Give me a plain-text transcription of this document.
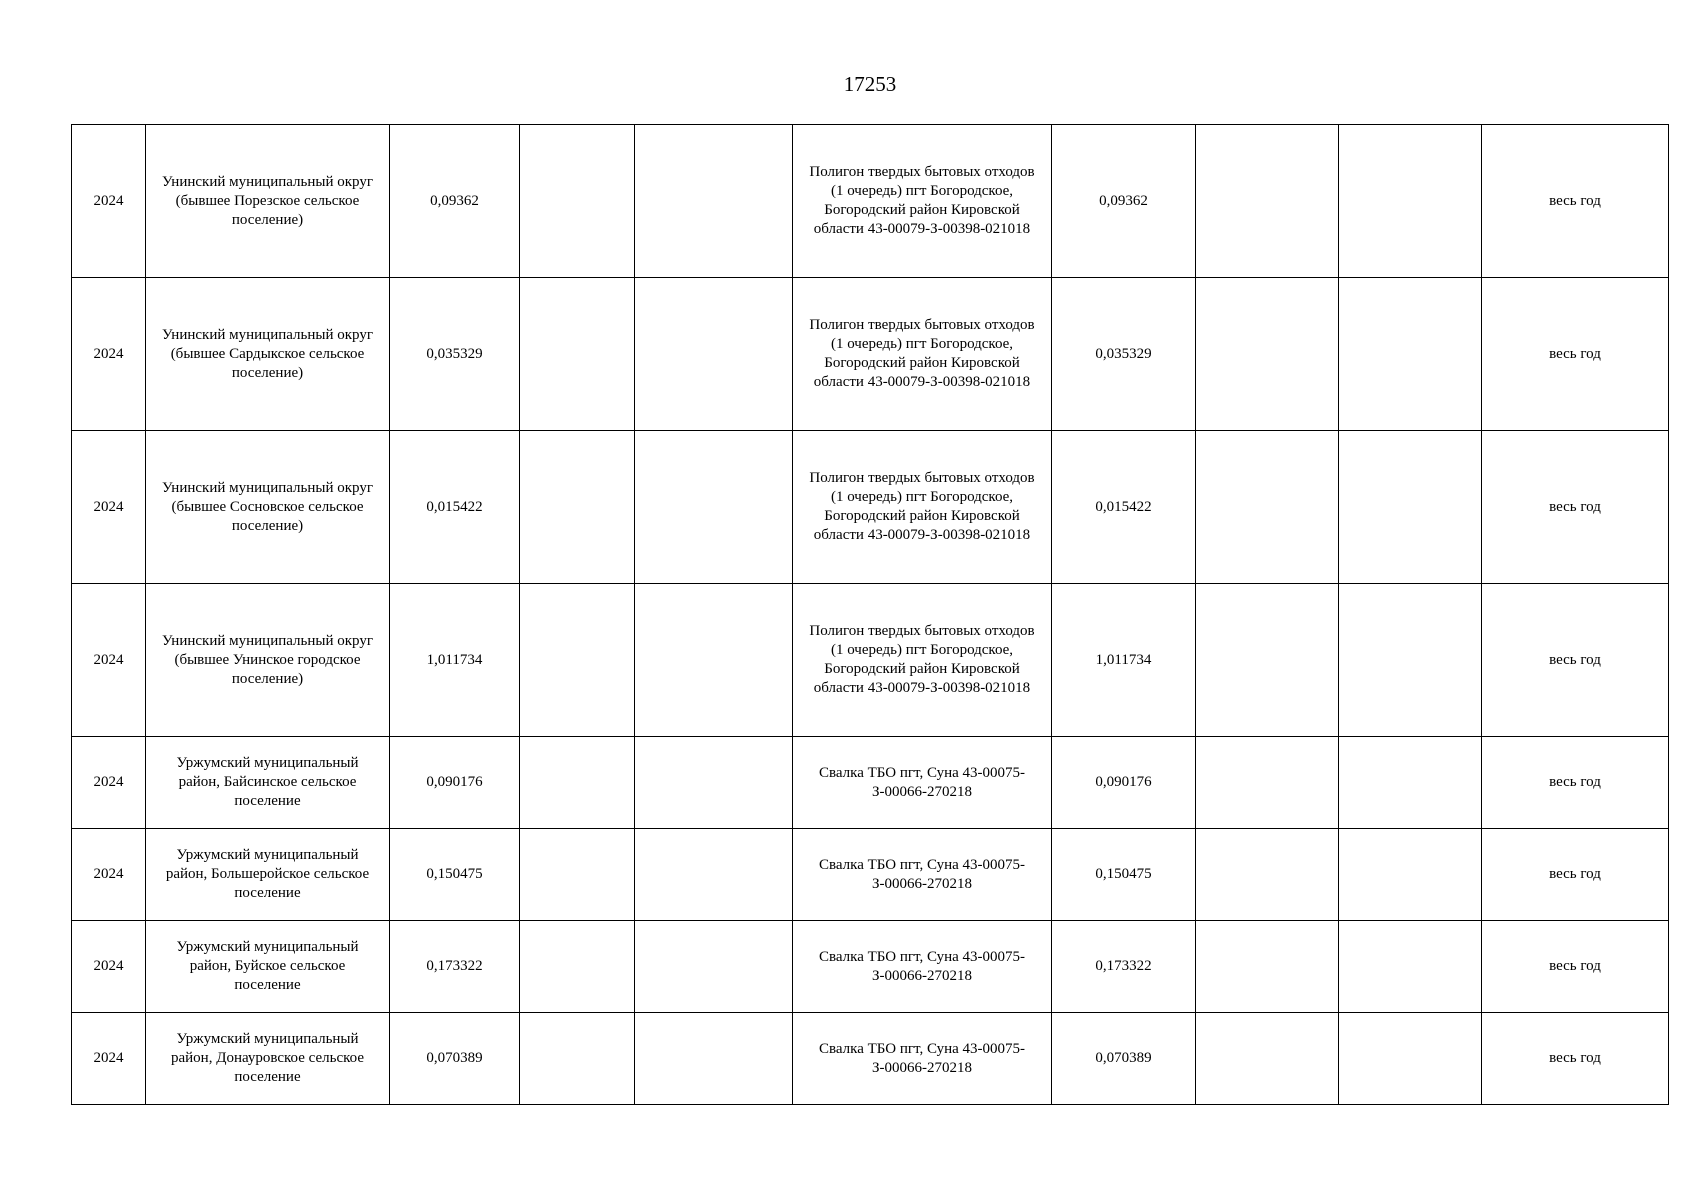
17253
2024	Унинский муниципальный округ (бывшее Порезское сельское поселение)	0,09362			Полигон твердых бытовых отходов (1 очередь) пгт Богородское, Богородский район Кировской области 43-00079-З-00398-021018	0,09362			весь год
2024	Унинский муниципальный округ (бывшее Сардыкское сельское поселение)	0,035329			Полигон твердых бытовых отходов (1 очередь) пгт Богородское, Богородский район Кировской области 43-00079-З-00398-021018	0,035329			весь год
2024	Унинский муниципальный округ (бывшее Сосновское сельское поселение)	0,015422			Полигон твердых бытовых отходов (1 очередь) пгт Богородское, Богородский район Кировской области 43-00079-З-00398-021018	0,015422			весь год
2024	Унинский муниципальный округ (бывшее Унинское городское поселение)	1,011734			Полигон твердых бытовых отходов (1 очередь) пгт Богородское, Богородский район Кировской области 43-00079-З-00398-021018	1,011734			весь год
2024	Уржумский муниципальный район, Байсинское сельское поселение	0,090176			Свалка ТБО пгт, Суна 43-00075-З-00066-270218	0,090176			весь год
2024	Уржумский муниципальный район, Большеройское сельское поселение	0,150475			Свалка ТБО пгт, Суна 43-00075-З-00066-270218	0,150475			весь год
2024	Уржумский муниципальный район, Буйское сельское поселение	0,173322			Свалка ТБО пгт, Суна 43-00075-З-00066-270218	0,173322			весь год
2024	Уржумский муниципальный район, Донауровское сельское поселение	0,070389			Свалка ТБО пгт, Суна 43-00075-З-00066-270218	0,070389			весь год
